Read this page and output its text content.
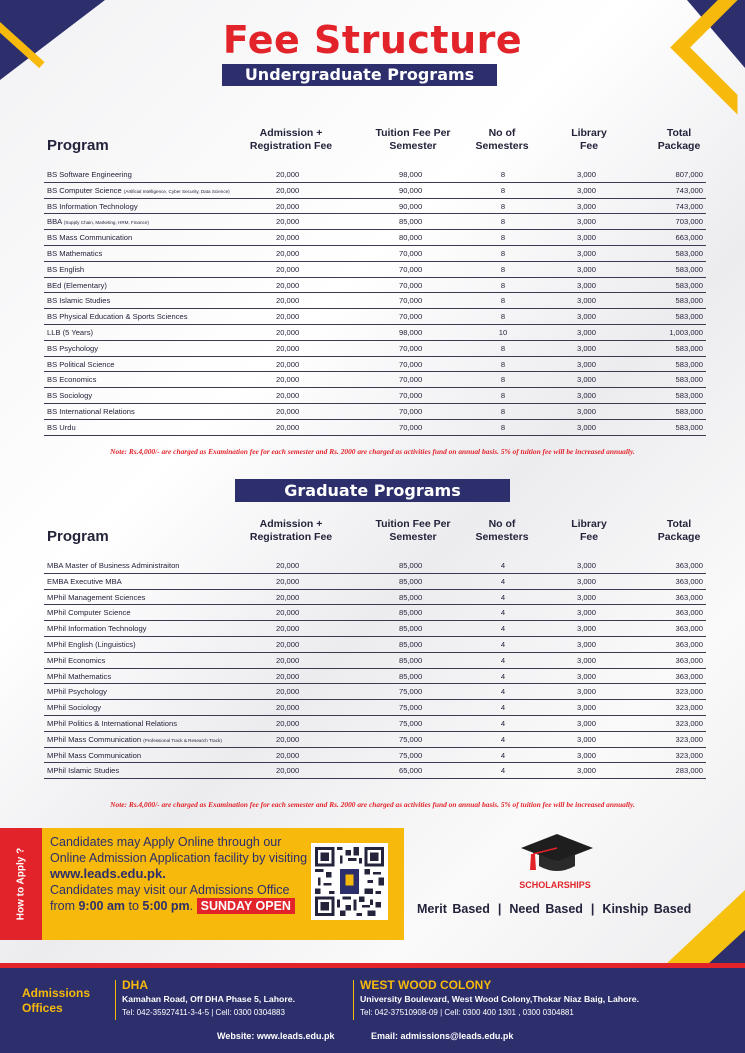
Fee Structure
Undergraduate Programs
Program
Admission +
Registration Fee
Tuition Fee Per
Semester
No of
Semesters
Library
Fee
Total
Package
BS Software Engineering	20,000	98,000	8	3,000	807,000
BS Computer Science (Artificial Intelligence, Cyber Security, Data Science)	20,000	90,000	8	3,000	743,000
BS Information Technology	20,000	90,000	8	3,000	743,000
BBA (Supply Chain, Marketing, HRM, Finance)	20,000	85,000	8	3,000	703,000
BS Mass Communication	20,000	80,000	8	3,000	663,000
BS Mathematics	20,000	70,000	8	3,000	583,000
BS English	20,000	70,000	8	3,000	583,000
BEd (Elementary)	20,000	70,000	8	3,000	583,000
BS Islamic Studies	20,000	70,000	8	3,000	583,000
BS Physical Education & Sports Sciences	20,000	70,000	8	3,000	583,000
LLB (5 Years)	20,000	98,000	10	3,000	1,003,000
BS Psychology	20,000	70,000	8	3,000	583,000
BS Political Science	20,000	70,000	8	3,000	583,000
BS Economics	20,000	70,000	8	3,000	583,000
BS Sociology	20,000	70,000	8	3,000	583,000
BS International Relations	20,000	70,000	8	3,000	583,000
BS Urdu	20,000	70,000	8	3,000	583,000
Note: Rs.4,000/- are charged as Examination fee for each semester and Rs. 2000 are charged as activities fund on annual basis. 5% of tuition fee will be increased annually.
Graduate Programs
Program
Admission +
Registration Fee
Tuition Fee Per
Semester
No of
Semesters
Library
Fee
Total
Package
MBA Master of Business Administraiton	20,000	85,000	4	3,000	363,000
EMBA Executive MBA	20,000	85,000	4	3,000	363,000
MPhil Management Sciences	20,000	85,000	4	3,000	363,000
MPhil Computer Science	20,000	85,000	4	3,000	363,000
MPhil Information Technology	20,000	85,000	4	3,000	363,000
MPhil English (Linguistics)	20,000	85,000	4	3,000	363,000
MPhil Economics	20,000	85,000	4	3,000	363,000
MPhil Mathematics	20,000	85,000	4	3,000	363,000
MPhil Psychology	20,000	75,000	4	3,000	323,000
MPhil Sociology	20,000	75,000	4	3,000	323,000
MPhil Politics & International Relations	20,000	75,000	4	3,000	323,000
MPhil Mass Communication (Professional Track & Research Track)	20,000	75,000	4	3,000	323,000
MPhil Mass Communication	20,000	75,000	4	3,000	323,000
MPhil Islamic Studies	20,000	65,000	4	3,000	283,000
Note: Rs.4,000/- are charged as Examination fee for each semester and Rs. 2000 are charged as activities fund on annual basis. 5% of tuition fee will be increased annually.
How to Apply ?
Candidates may Apply Online through our
Online Admission Application facility by visiting
www.leads.edu.pk.
Candidates may visit our Admissions Office
from 9:00 am to 5:00 pm. SUNDAY OPEN
SCHOLARSHIPS
Merit Based | Need Based | Kinship Based
Admissions
Offices
DHA
Kamahan Road, Off DHA Phase 5, Lahore.
Tel: 042-35927411-3-4-5 | Cell: 0300 0304883
WEST WOOD COLONY
University Boulevard, West Wood Colony,Thokar Niaz Baig, Lahore.
Tel: 042-37510908-09 | Cell: 0300 400 1301 , 0300 0304881
Website: www.leads.edu.pk	Email: admissions@leads.edu.pk
